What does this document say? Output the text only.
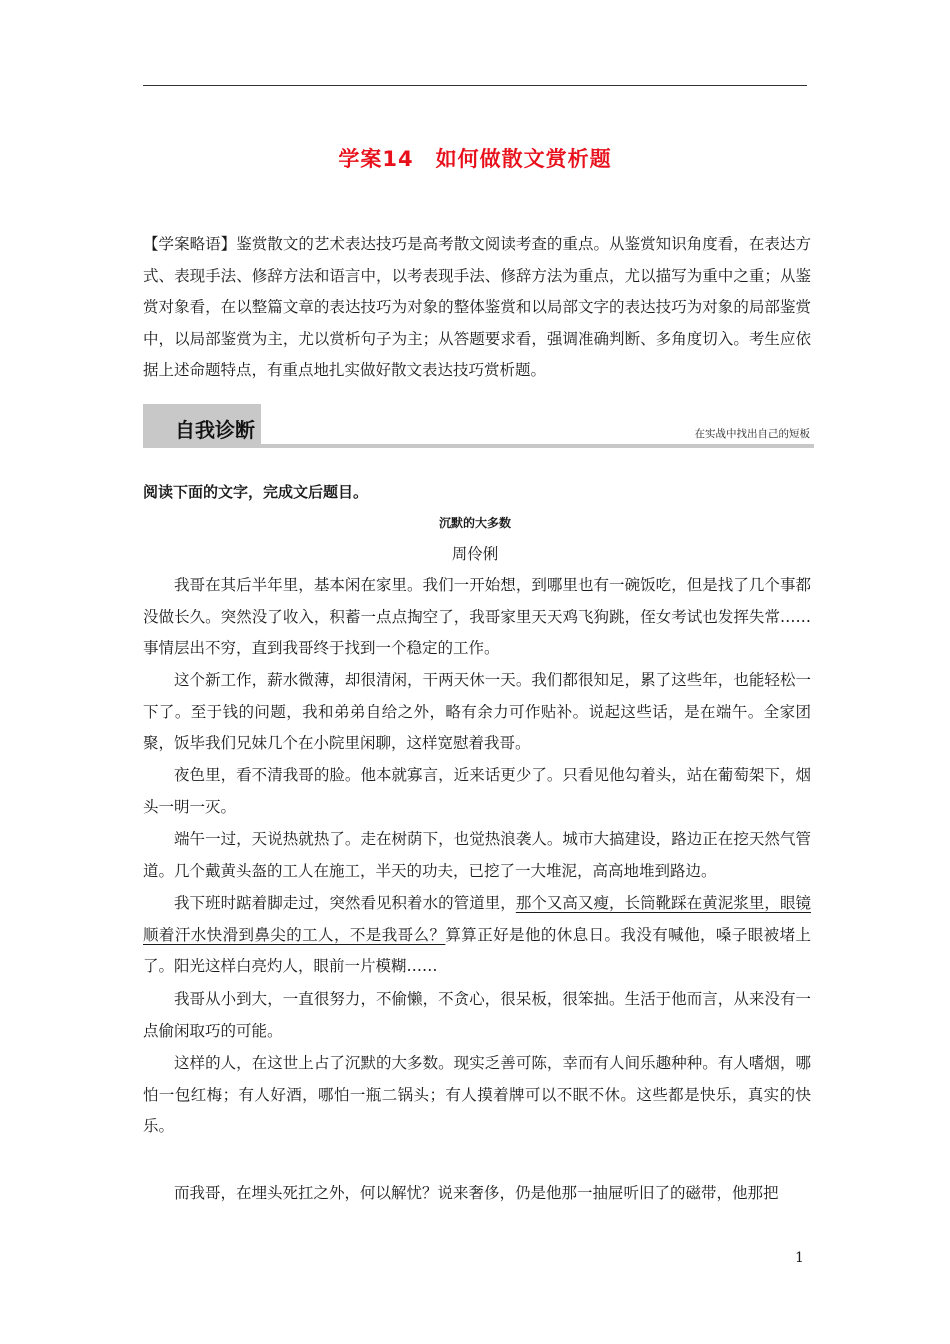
学案14　如何做散文赏析题
【学案略语】鉴赏散文的艺术表达技巧是高考散文阅读考查的重点。从鉴赏知识角度看，在表达方式、表现手法、修辞方法和语言中，以考表现手法、修辞方法为重点，尤以描写为重中之重；从鉴赏对象看，在以整篇文章的表达技巧为对象的整体鉴赏和以局部文字的表达技巧为对象的局部鉴赏中，以局部鉴赏为主，尤以赏析句子为主；从答题要求看，强调准确判断、多角度切入。考生应依据上述命题特点，有重点地扎实做好散文表达技巧赏析题。
自我诊断	在实战中找出自己的短板
阅读下面的文字，完成文后题目。
沉默的大多数
周伶俐

我哥在其后半年里，基本闲在家里。我们一开始想，到哪里也有一碗饭吃，但是找了几个事都没做长久。突然没了收入，积蓄一点点掏空了，我哥家里天天鸡飞狗跳，侄女考试也发挥失常……事情层出不穷，直到我哥终于找到一个稳定的工作。

这个新工作，薪水微薄，却很清闲，干两天休一天。我们都很知足，累了这些年，也能轻松一下了。至于钱的问题，我和弟弟自给之外，略有余力可作贴补。说起这些话，是在端午。全家团聚，饭毕我们兄妹几个在小院里闲聊，这样宽慰着我哥。

夜色里，看不清我哥的脸。他本就寡言，近来话更少了。只看见他勾着头，站在葡萄架下，烟头一明一灭。

端午一过，天说热就热了。走在树荫下，也觉热浪袭人。城市大搞建设，路边正在挖天然气管道。几个戴黄头盔的工人在施工，半天的功夫，已挖了一大堆泥，高高地堆到路边。

我下班时踮着脚走过，突然看见积着水的管道里，那个又高又瘦，长筒靴踩在黄泥浆里，眼镜顺着汗水快滑到鼻尖的工人，不是我哥么？算算正好是他的休息日。我没有喊他，嗓子眼被堵上了。阳光这样白亮灼人，眼前一片模糊……

我哥从小到大，一直很努力，不偷懒，不贪心，很呆板，很笨拙。生活于他而言，从来没有一点偷闲取巧的可能。

这样的人，在这世上占了沉默的大多数。现实乏善可陈，幸而有人间乐趣种种。有人嗜烟，哪怕一包红梅；有人好酒，哪怕一瓶二锅头；有人摸着牌可以不眠不休。这些都是快乐，真实的快乐。

而我哥，在埋头死扛之外，何以解忧？说来奢侈，仍是他那一抽屉听旧了的磁带，他那把

1
